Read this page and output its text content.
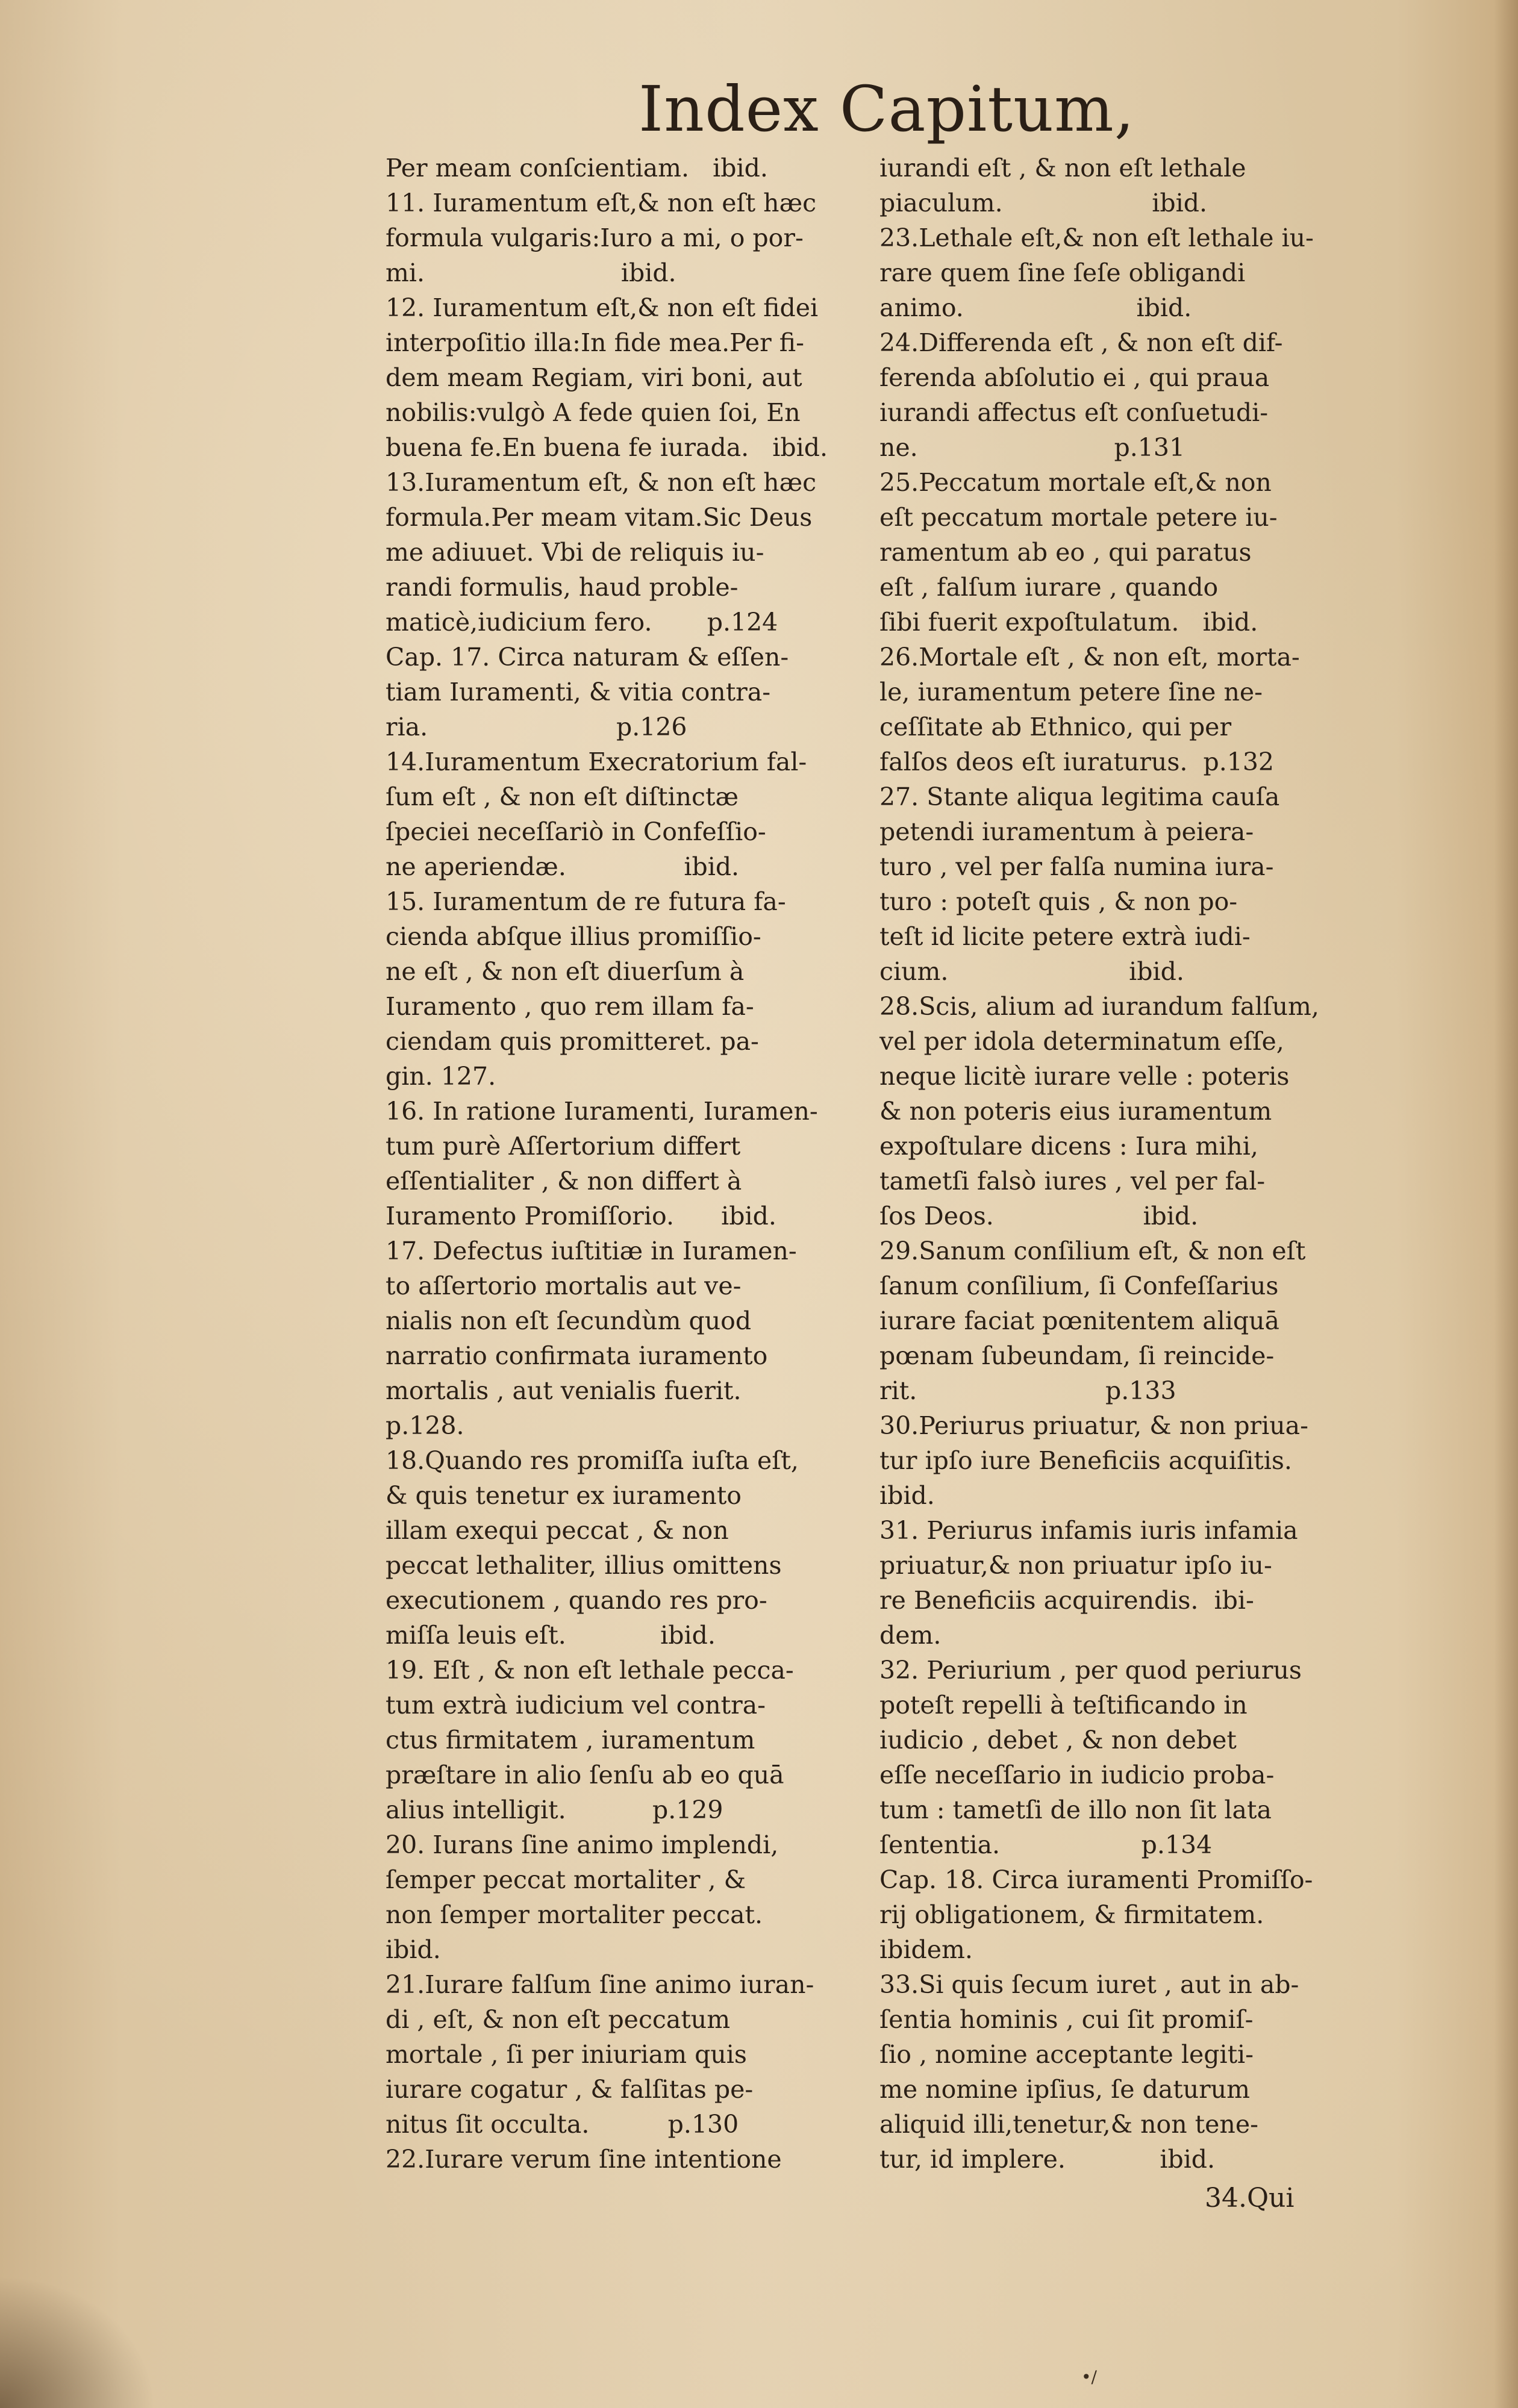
Index Capitum,
Per meam conſcientiam.   ibid.
11. Iuramentum eſt,& non eſt hæc
formula vulgaris:Iuro a mi, o por-
mi.                         ibid.
12. Iuramentum eſt,& non eſt fidei
interpoſitio illa:In fide mea.Per fi-
dem meam Regiam, viri boni, aut
nobilis:vulgò A fede quien ſoi, En
buena fe.En buena fe iurada.   ibid.
13.Iuramentum eſt, & non eſt hæc
formula.Per meam vitam.Sic Deus
me adiuuet. Vbi de reliquis iu-
randi formulis, haud proble-
maticè,iudicium fero.       p.124
Cap. 17. Circa naturam & eſſen-
tiam Iuramenti, & vitia contra-
ria.                        p.126
14.Iuramentum Execratorium fal-
ſum eſt , & non eſt diſtinctæ
ſpeciei neceſſariò in Confeſſio-
ne aperiendæ.               ibid.
15. Iuramentum de re futura fa-
cienda abſque illius promiſſio-
ne eſt , & non eſt diuerſum à
Iuramento , quo rem illam fa-
ciendam quis promitteret. pa-
gin. 127.
16. In ratione Iuramenti, Iuramen-
tum purè Aſſertorium differt
eſſentialiter , & non differt à
Iuramento Promiſſorio.      ibid.
17. Defectus iuſtitiæ in Iuramen-
to aſſertorio mortalis aut ve-
nialis non eſt ſecundùm quod
narratio confirmata iuramento
mortalis , aut venialis fuerit.
p.128.
18.Quando res promiſſa iuſta eſt,
& quis tenetur ex iuramento
illam exequi peccat , & non
peccat lethaliter, illius omittens
executionem , quando res pro-
miſſa leuis eſt.            ibid.
19. Eſt , & non eſt lethale pecca-
tum extrà iudicium vel contra-
ctus firmitatem , iuramentum
præſtare in alio ſenſu ab eo quā
alius intelligit.           p.129
20. Iurans ſine animo implendi,
ſemper peccat mortaliter , &
non ſemper mortaliter peccat.
ibid.
21.Iurare falſum ſine animo iuran-
di , eſt, & non eſt peccatum
mortale , ſi per iniuriam quis
iurare cogatur , & falſitas pe-
nitus ſit occulta.          p.130
22.Iurare verum ſine intentione
iurandi eſt , & non eſt lethale
piaculum.                   ibid.
23.Lethale eſt,& non eſt lethale iu-
rare quem ſine ſeſe obligandi
animo.                      ibid.
24.Differenda eſt , & non eſt dif-
ferenda abſolutio ei , qui praua
iurandi affectus eſt conſuetudi-
ne.                         p.131
25.Peccatum mortale eſt,& non
eſt peccatum mortale petere iu-
ramentum ab eo , qui paratus
eſt , falſum iurare , quando
ſibi fuerit expoſtulatum.   ibid.
26.Mortale eſt , & non eſt, morta-
le, iuramentum petere ſine ne-
ceſſitate ab Ethnico, qui per
falſos deos eſt iuraturus.  p.132
27. Stante aliqua legitima cauſa
petendi iuramentum à peiera-
turo , vel per falſa numina iura-
turo : poteſt quis , & non po-
teſt id licite petere extrà iudi-
cium.                       ibid.
28.Scis, alium ad iurandum falſum,
vel per idola determinatum eſſe,
neque licitè iurare velle : poteris
& non poteris eius iuramentum
expoſtulare dicens : Iura mihi,
tametſi falsò iures , vel per fal-
ſos Deos.                   ibid.
29.Sanum conſilium eſt, & non eſt
ſanum conſilium, ſi Confeſſarius
iurare faciat pœnitentem aliquā
pœnam ſubeundam, ſi reincide-
rit.                        p.133
30.Periurus priuatur, & non priua-
tur ipſo iure Beneficiis acquiſitis.
ibid.
31. Periurus infamis iuris infamia
priuatur,& non priuatur ipſo iu-
re Beneficiis acquirendis.  ibi-
dem.
32. Periurium , per quod periurus
poteſt repelli à teſtificando in
iudicio , debet , & non debet
eſſe neceſſario in iudicio proba-
tum : tametſi de illo non ſit lata
ſententia.                  p.134
Cap. 18. Circa iuramenti Promiſſo-
rij obligationem, & firmitatem.
ibidem.
33.Si quis ſecum iuret , aut in ab-
ſentia hominis , cui ſit promiſ-
ſio , nomine acceptante legiti-
me nomine ipſius, ſe daturum
aliquid illi,tenetur,& non tene-
tur, id implere.            ibid.
34.Qui
•/
